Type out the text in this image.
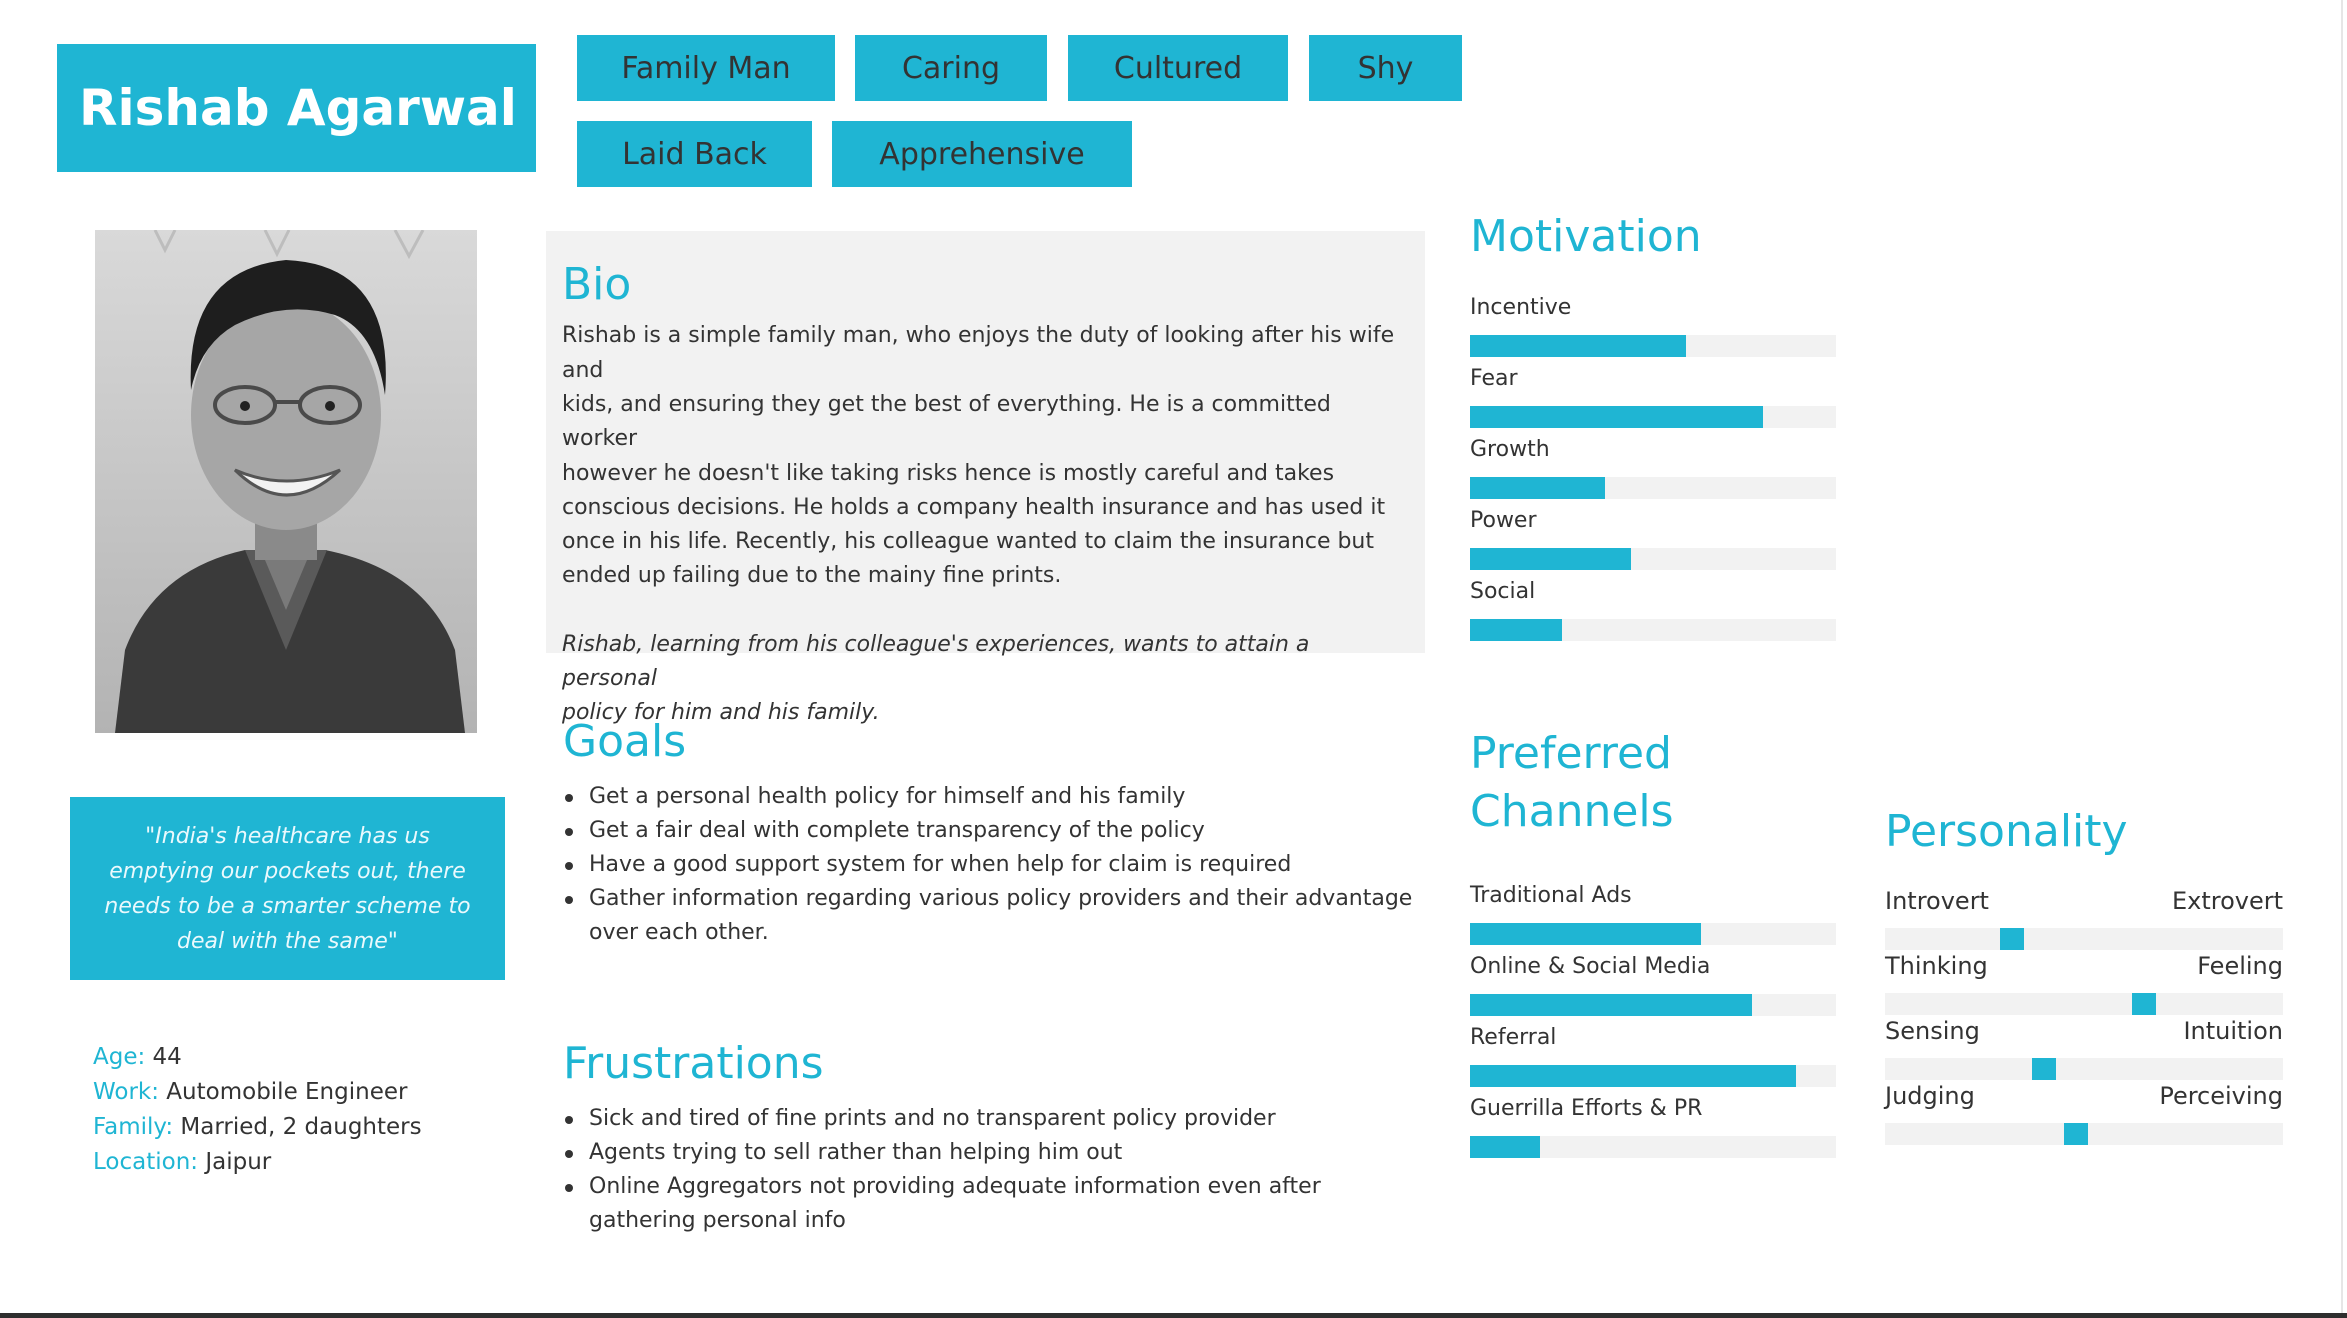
Rishab Agarwal
Family Man	Caring	Cultured	Shy
Laid Back	Apprehensive
"India's healthcare has us emptying our pockets out, there needs to be a smarter scheme to deal with the same"
Age: 44
Work: Automobile Engineer
Family: Married, 2 daughters
Location: Jaipur
Bio
Rishab is a simple family man, who enjoys the duty of looking after his wife and
kids, and ensuring they get the best of everything. He is a committed worker
however he doesn't like taking risks hence is mostly careful and takes
conscious decisions. He holds a company health insurance and has used it
once in his life. Recently, his colleague wanted to claim the insurance but
ended up failing due to the mainy fine prints.
Rishab, learning from his colleague's experiences, wants to attain a personal
policy for him and his family.
Goals
Get a personal health policy for himself and his family
Get a fair deal with complete transparency of the policy
Have a good support system for when help for claim is required
Gather information regarding various policy providers and their advantage over each other.
Frustrations
Sick and tired of fine prints and no transparent policy provider
Agents trying to sell rather than helping him out
Online Aggregators not providing adequate information even after gathering personal info
Motivation
Incentive
Fear
Growth
Power
Social
Preferred
Channels
Traditional Ads
Online & Social Media
Referral
Guerrilla Efforts & PR
Personality
Introvert	Extrovert
Thinking	Feeling
Sensing	Intuition
Judging	Perceiving
